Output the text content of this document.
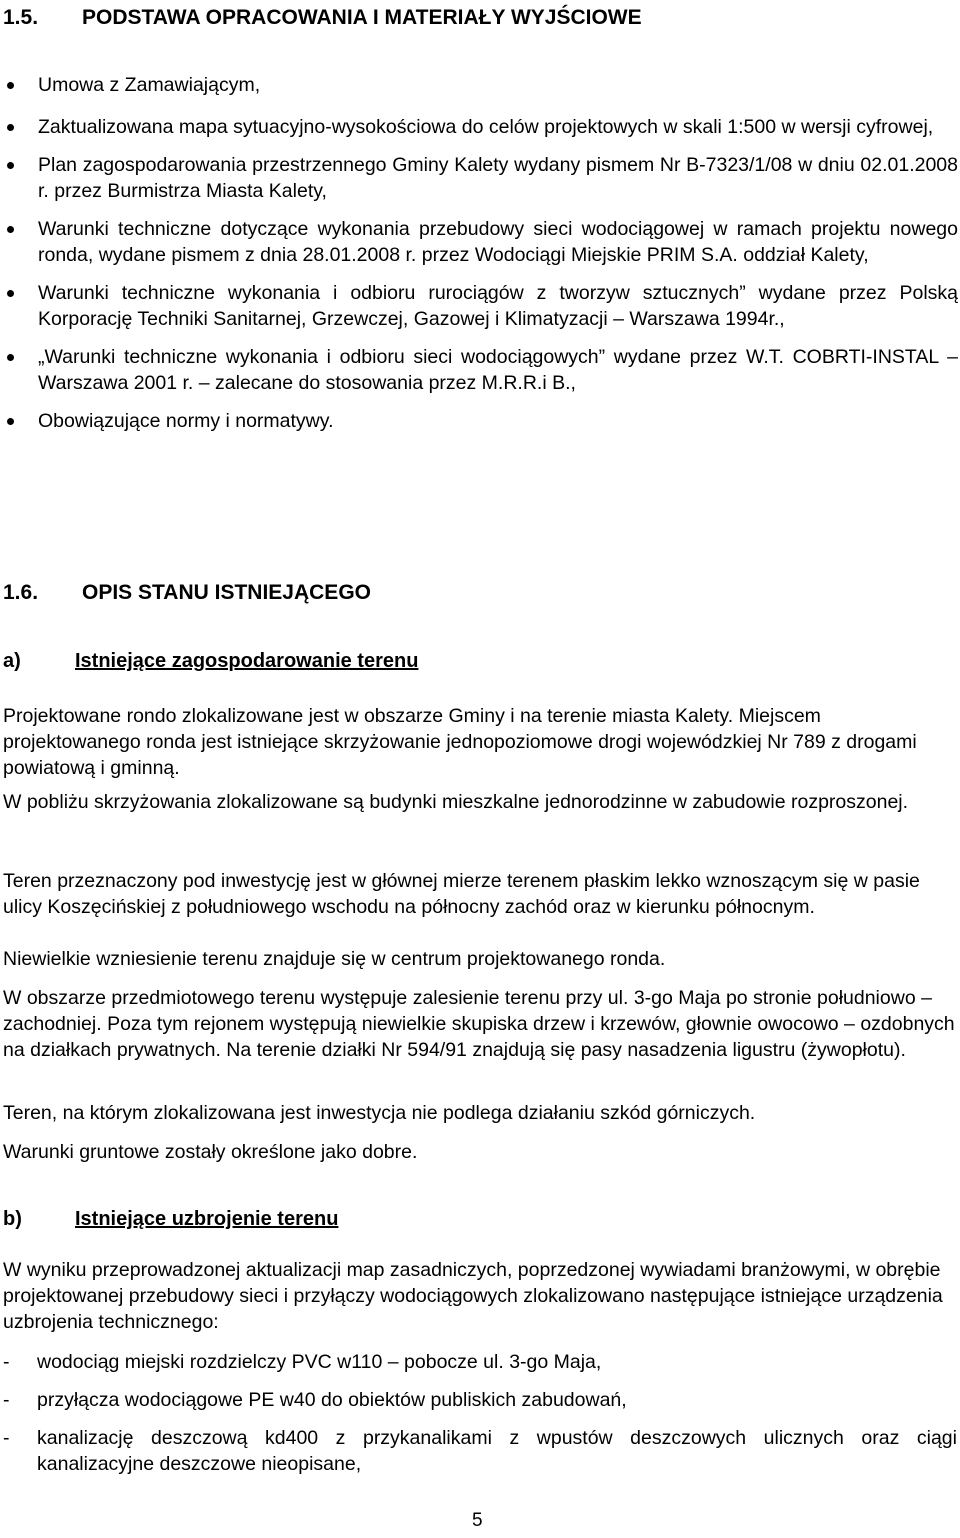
1.5. PODSTAWA OPRACOWANIA I MATERIAŁY WYJŚCIOWE
Umowa z Zamawiającym,
Zaktualizowana mapa sytuacyjno-wysokościowa do celów projektowych w skali 1:500 w wersji cyfrowej,
Plan zagospodarowania przestrzennego Gminy Kalety wydany pismem Nr B-7323/1/08 w dniu 02.01.2008 r. przez Burmistrza Miasta Kalety,
Warunki techniczne dotyczące wykonania przebudowy sieci wodociągowej w ramach projektu nowego ronda, wydane pismem z dnia 28.01.2008 r. przez Wodociągi Miejskie PRIM S.A. oddział Kalety,
Warunki techniczne wykonania i odbioru rurociągów z tworzyw sztucznych” wydane przez Polską Korporację Techniki Sanitarnej, Grzewczej, Gazowej i Klimatyzacji – Warszawa 1994r.,
„Warunki techniczne wykonania i odbioru sieci wodociągowych” wydane przez W.T. COBRTI-INSTAL – Warszawa 2001 r. – zalecane do stosowania przez M.R.R.i B.,
Obowiązujące normy i normatywy.
1.6. OPIS STANU ISTNIEJĄCEGO
a)	Istniejące zagospodarowanie terenu

Projektowane rondo zlokalizowane jest w obszarze Gminy i na terenie miasta Kalety. Miejscem projektowanego ronda jest istniejące skrzyżowanie jednopoziomowe drogi wojewódzkiej Nr 789 z drogami powiatową i gminną.

W pobliżu skrzyżowania zlokalizowane są budynki mieszkalne jednorodzinne w zabudowie rozproszonej.

Teren przeznaczony pod inwestycję jest w głównej mierze terenem płaskim lekko wznoszącym się w pasie ulicy Koszęcińskiej z południowego wschodu na północny zachód oraz w kierunku północnym.

Niewielkie wzniesienie terenu znajduje się w centrum projektowanego ronda.

W obszarze przedmiotowego terenu występuje zalesienie terenu przy ul. 3-go Maja po stronie południowo – zachodniej. Poza tym rejonem występują niewielkie skupiska drzew i krzewów, głownie owocowo – ozdobnych na działkach prywatnych. Na terenie działki Nr 594/91 znajdują się pasy nasadzenia ligustru (żywopłotu).

Teren, na którym zlokalizowana jest inwestycja nie podlega działaniu szkód górniczych.

Warunki gruntowe zostały określone jako dobre.

b)	Istniejące uzbrojenie terenu

W wyniku przeprowadzonej aktualizacji map zasadniczych, poprzedzonej wywiadami branżowymi, w obrębie projektowanej przebudowy sieci i przyłączy wodociągowych zlokalizowano następujące istniejące urządzenia uzbrojenia technicznego:

- wodociąg miejski rozdzielczy PVC w110 – pobocze ul. 3-go Maja,
- przyłącza wodociągowe PE w40 do obiektów publiskich zabudowań,
- kanalizację deszczową kd400 z przykanalikami z wpustów deszczowych ulicznych oraz ciągi kanalizacyjne deszczowe nieopisane,
5
